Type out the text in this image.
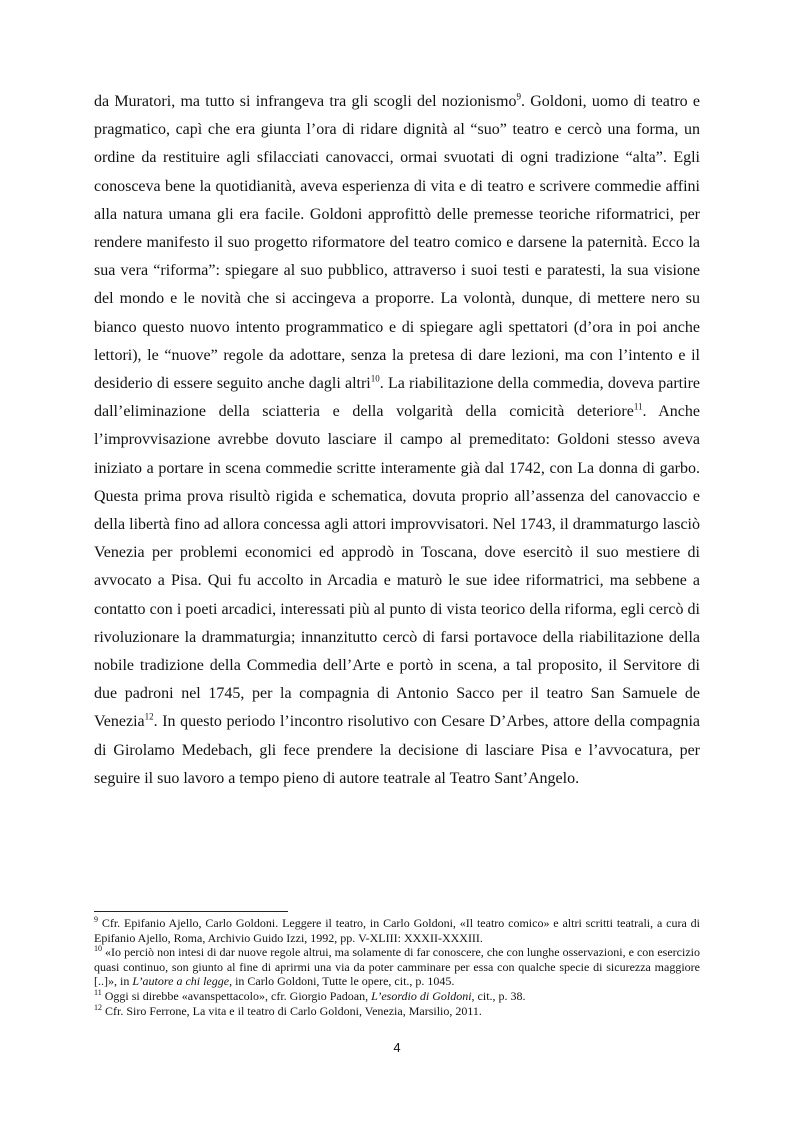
da Muratori, ma tutto si infrangeva tra gli scogli del nozionismo$^9$. Goldoni, uomo di teatro e pragmatico, capì che era giunta l’ora di ridare dignità al “suo” teatro e cercò una forma, un ordine da restituire agli sfilacciati canovacci, ormai svuotati di ogni tradizione “alta”. Egli conosceva bene la quotidianità, aveva esperienza di vita e di teatro e scrivere commedie affini alla natura umana gli era facile. Goldoni approfittò delle premesse teoriche riformatrici, per rendere manifesto il suo progetto riformatore del teatro comico e darsene la paternità. Ecco la sua vera “riforma”: spiegare al suo pubblico, attraverso i suoi testi e paratesti, la sua visione del mondo e le novità che si accingeva a proporre. La volontà, dunque, di mettere nero su bianco questo nuovo intento programmatico e di spiegare agli spettatori (d’ora in poi anche lettori), le “nuove” regole da adottare, senza la pretesa di dare lezioni, ma con l’intento e il desiderio di essere seguito anche dagli altri$^{10}$. La riabilitazione della commedia, doveva partire dall’eliminazione della sciatteria e della volgarità della comicità deteriore$^{11}$. Anche l’improvvisazione avrebbe dovuto lasciare il campo al premeditato: Goldoni stesso aveva iniziato a portare in scena commedie scritte interamente già dal 1742, con La donna di garbo. Questa prima prova risultò rigida e schematica, dovuta proprio all’assenza del canovaccio e della libertà fino ad allora concessa agli attori improvvisatori. Nel 1743, il drammaturgo lasciò Venezia per problemi economici ed approdò in Toscana, dove esercitò il suo mestiere di avvocato a Pisa. Qui fu accolto in Arcadia e maturò le sue idee riformatrici, ma sebbene a contatto con i poeti arcadici, interessati più al punto di vista teorico della riforma, egli cercò di rivoluzionare la drammaturgia; innanzitutto cercò di farsi portavoce della riabilitazione della nobile tradizione della Commedia dell’Arte e portò in scena, a tal proposito, il Servitore di due padroni nel 1745, per la compagnia di Antonio Sacco per il teatro San Samuele de Venezia$^{12}$. In questo periodo l’incontro risolutivo con Cesare D’Arbes, attore della compagnia di Girolamo Medebach, gli fece prendere la decisione di lasciare Pisa e l’avvocatura, per seguire il suo lavoro a tempo pieno di autore teatrale al Teatro Sant’Angelo.

$^9$ Cfr. Epifanio Ajello, Carlo Goldoni. Leggere il teatro, in Carlo Goldoni, «Il teatro comico» e altri scritti teatrali, a cura di Epifanio Ajello, Roma, Archivio Guido Izzi, 1992, pp. V-XLIII: XXXII-XXXIII.

$^{10}$ «Io perciò non intesi di dar nuove regole altrui, ma solamente di far conoscere, che con lunghe osservazioni, e con esercizio quasi continuo, son giunto al fine di aprirmi una via da poter camminare per essa con qualche specie di sicurezza maggiore [..]», in L’autore a chi legge, in Carlo Goldoni, Tutte le opere, cit., p. 1045.

$^{11}$ Oggi si direbbe «avanspettacolo», cfr. Giorgio Padoan, L’esordio di Goldoni, cit., p. 38.

$^{12}$ Cfr. Siro Ferrone, La vita e il teatro di Carlo Goldoni, Venezia, Marsilio, 2011.

4
